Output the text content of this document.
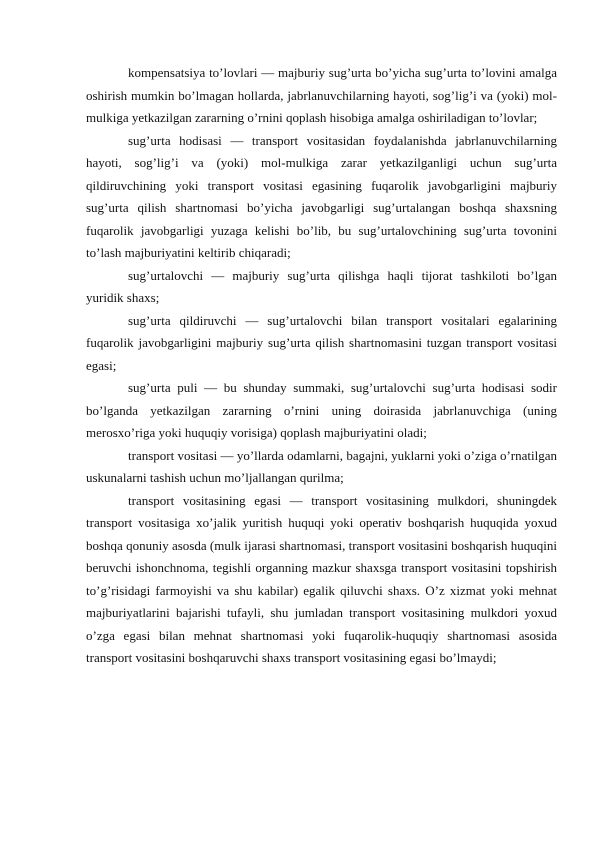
kompensatsiya to’lovlari — majburiy sug’urta bo’yicha sug’urta to’lovini amalga oshirish mumkin bo’lmagan hollarda, jabrlanuvchilarning hayoti, sog’lig’i va (yoki) mol-mulkiga yetkazilgan zararning o’rnini qoplash hisobiga amalga oshiriladigan to’lovlar;

sug’urta hodisasi — transport vositasidan foydalanishda jabrlanuvchilarning hayoti, sog’lig’i va (yoki) mol-mulkiga zarar yetkazilganligi uchun sug’urta qildiruvchining yoki transport vositasi egasining fuqarolik javobgarligini majburiy sug’urta qilish shartnomasi bo’yicha javobgarligi sug’urtalangan boshqa shaxsning fuqarolik javobgarligi yuzaga kelishi bo’lib, bu sug’urtalovchining sug’urta tovonini to’lash majburiyatini keltirib chiqaradi;

sug’urtalovchi — majburiy sug’urta qilishga haqli tijorat tashkiloti bo’lgan yuridik shaxs;

sug’urta qildiruvchi — sug’urtalovchi bilan transport vositalari egalarining fuqarolik javobgarligini majburiy sug’urta qilish shartnomasini tuzgan transport vositasi egasi;

sug’urta puli — bu shunday summaki, sug’urtalovchi sug’urta hodisasi sodir bo’lganda yetkazilgan zararning o’rnini uning doirasida jabrlanuvchiga (uning merosxo’riga yoki huquqiy vorisiga) qoplash majburiyatini oladi;

transport vositasi — yo’llarda odamlarni, bagajni, yuklarni yoki o’ziga o’rnatilgan uskunalarni tashish uchun mo’ljallangan qurilma;

transport vositasining egasi — transport vositasining mulkdori, shuningdek transport vositasiga xo’jalik yuritish huquqi yoki operativ boshqarish huquqida yoxud boshqa qonuniy asosda (mulk ijarasi shartnomasi, transport vositasini boshqarish huquqini beruvchi ishonchnoma, tegishli organning mazkur shaxsga transport vositasini topshirish to’g’risidagi farmoyishi va shu kabilar) egalik qiluvchi shaxs. O’z xizmat yoki mehnat majburiyatlarini bajarishi tufayli, shu jumladan transport vositasining mulkdori yoxud o’zga egasi bilan mehnat shartnomasi yoki fuqarolik-huquqiy shartnomasi asosida transport vositasini boshqaruvchi shaxs transport vositasining egasi bo’lmaydi;
